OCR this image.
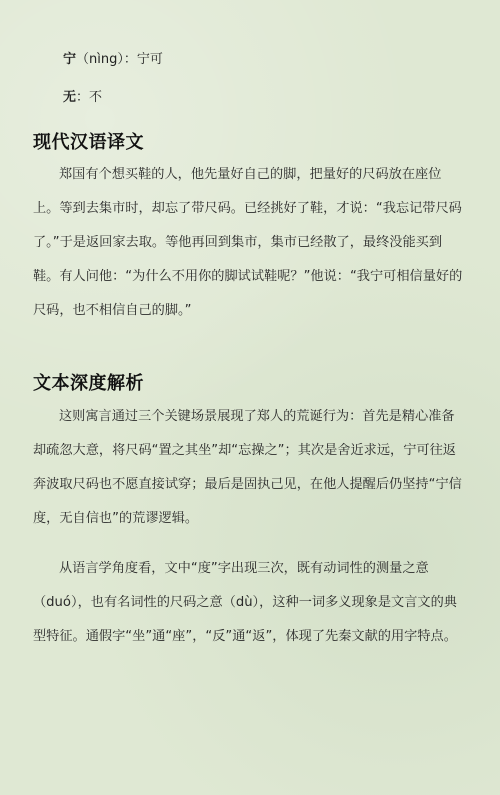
宁（nìng）：宁可
无：不
现代汉语译文

郑国有个想买鞋的人，他先量好自己的脚，把量好的尺码放在座位上。等到去集市时，却忘了带尺码。已经挑好了鞋，才说：“我忘记带尺码了。”于是返回家去取。等他再回到集市，集市已经散了，最终没能买到鞋。有人问他：“为什么不用你的脚试试鞋呢？”他说：“我宁可相信量好的尺码，也不相信自己的脚。”

文本深度解析

这则寓言通过三个关键场景展现了郑人的荒诞行为：首先是精心准备却疏忽大意，将尺码“置之其坐”却“忘操之”；其次是舍近求远，宁可往返奔波取尺码也不愿直接试穿；最后是固执己见，在他人提醒后仍坚持“宁信度，无自信也”的荒谬逻辑。

从语言学角度看，文中“度”字出现三次，既有动词性的测量之意（duó），也有名词性的尺码之意（dù），这种一词多义现象是文言文的典型特征。通假字“坐”通“座”，“反”通“返”，体现了先秦文献的用字特点。
